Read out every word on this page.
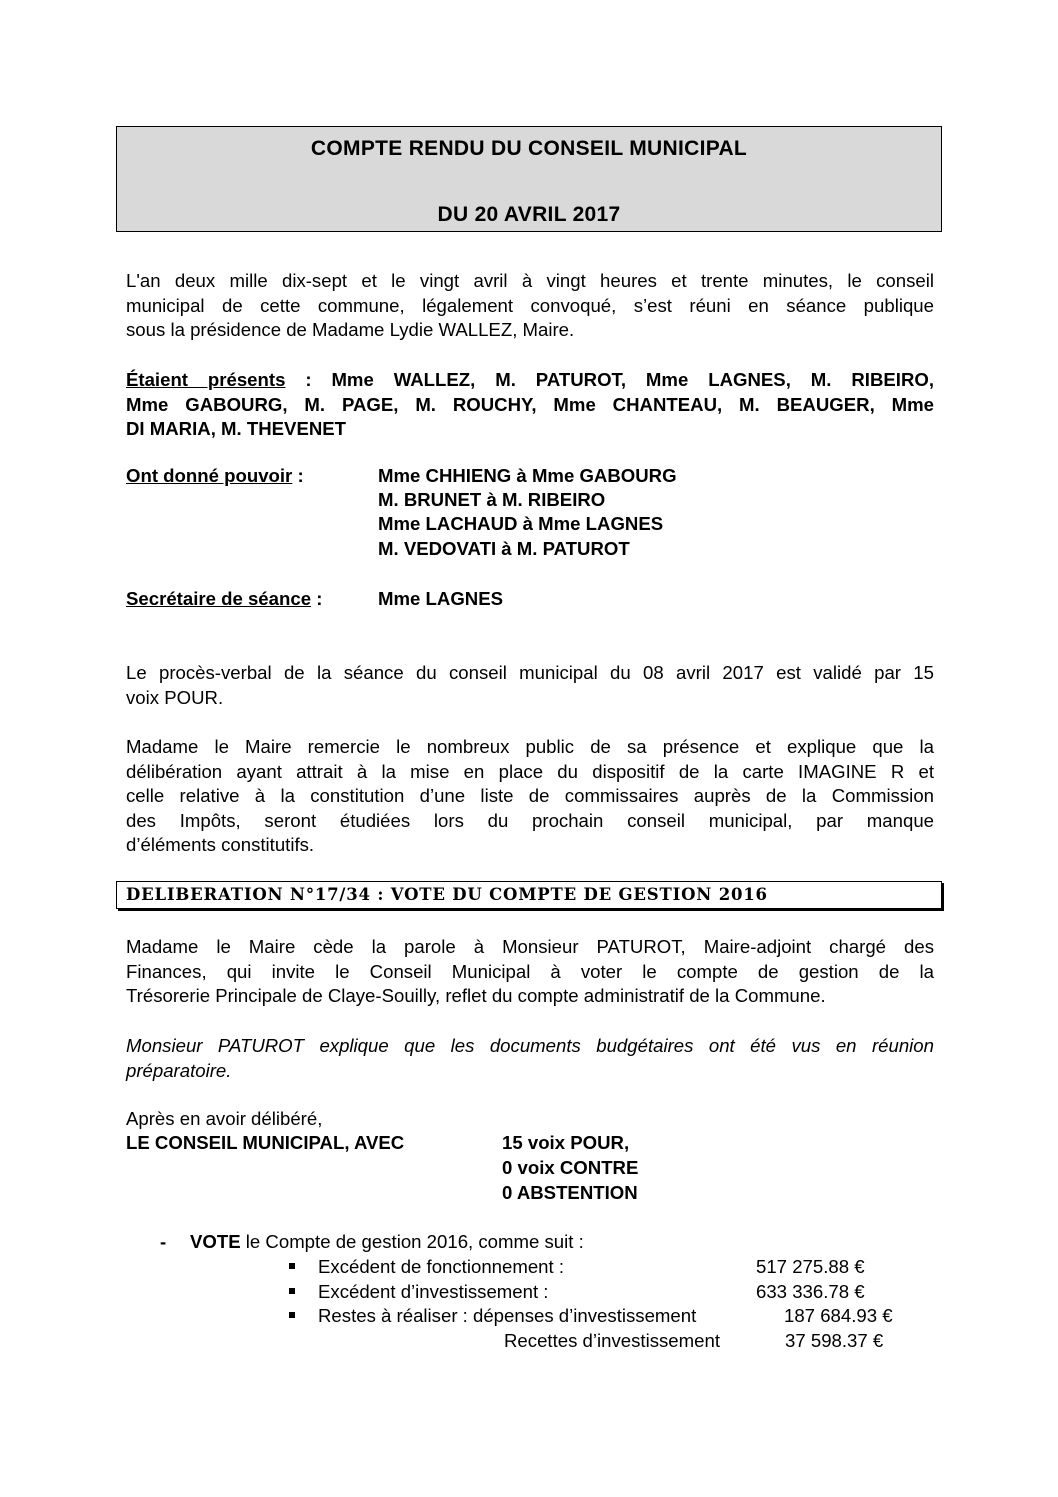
COMPTE RENDU DU CONSEIL MUNICIPAL
DU 20 AVRIL 2017
L'an deux mille dix-sept et le vingt avril à vingt heures et trente minutes, le conseil
municipal de cette commune, légalement convoqué, s’est réuni en séance publique
sous la présidence de Madame Lydie WALLEZ, Maire.
Étaient présents : Mme WALLEZ, M. PATUROT, Mme LAGNES, M. RIBEIRO,
Mme GABOURG, M. PAGE, M. ROUCHY, Mme CHANTEAU, M. BEAUGER, Mme
DI MARIA, M. THEVENET
Ont donné pouvoir :	Mme CHHIENG à Mme GABOURG
M. BRUNET à M. RIBEIRO
Mme LACHAUD à Mme LAGNES
M. VEDOVATI à M. PATUROT
Secrétaire de séance :	Mme LAGNES
Le procès-verbal de la séance du conseil municipal du 08 avril 2017 est validé par 15
voix POUR.
Madame le Maire remercie le nombreux public de sa présence et explique que la
délibération ayant attrait à la mise en place du dispositif de la carte IMAGINE R et
celle relative à la constitution d’une liste de commissaires auprès de la Commission
des Impôts, seront étudiées lors du prochain conseil municipal, par manque
d’éléments constitutifs.
DELIBERATION N°17/34 : VOTE DU COMPTE DE GESTION 2016
Madame le Maire cède la parole à Monsieur PATUROT, Maire-adjoint chargé des
Finances, qui invite le Conseil Municipal à voter le compte de gestion de la
Trésorerie Principale de Claye-Souilly, reflet du compte administratif de la Commune.
Monsieur PATUROT explique que les documents budgétaires ont été vus en réunion
préparatoire.
Après en avoir délibéré,
LE CONSEIL MUNICIPAL, AVEC	15 voix POUR,
0 voix CONTRE
0 ABSTENTION
- VOTE le Compte de gestion 2016, comme suit :
Excédent de fonctionnement :	517 275.88 €
Excédent d’investissement :	633 336.78 €
Restes à réaliser : dépenses d’investissement	187 684.93 €
Recettes d’investissement	37 598.37 €
